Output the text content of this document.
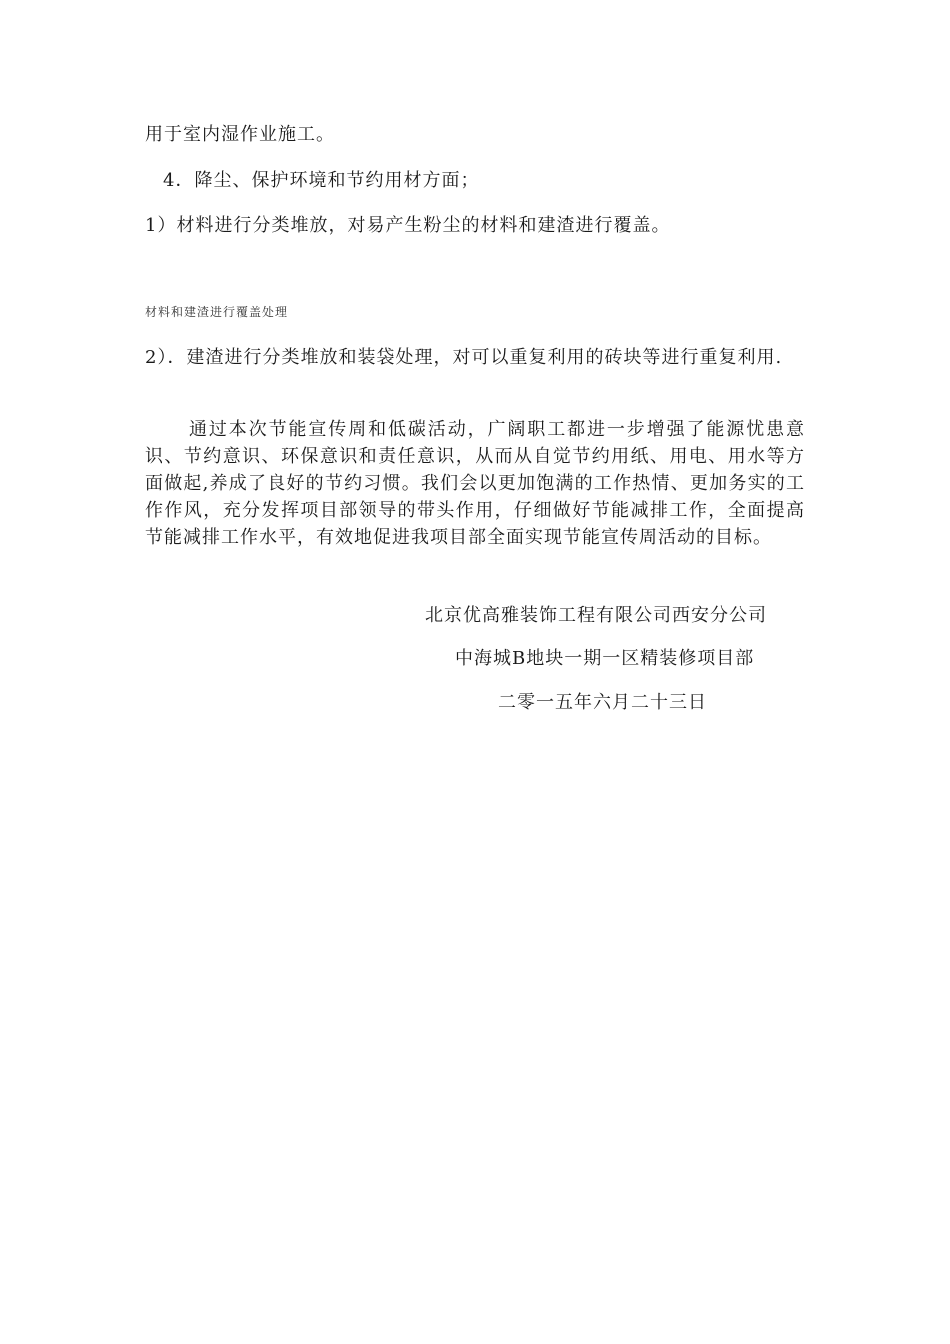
用于室内湿作业施工。
4．降尘、保护环境和节约用材方面；
1）材料进行分类堆放，对易产生粉尘的材料和建渣进行覆盖。
材料和建渣进行覆盖处理
2）．建渣进行分类堆放和装袋处理，对可以重复利用的砖块等进行重复利用.
通过本次节能宣传周和低碳活动，广阔职工都进一步增强了能源忧患意识、节约意识、环保意识和责任意识，从而从自觉节约用纸、用电、用水等方面做起,养成了良好的节约习惯。我们会以更加饱满的工作热情、更加务实的工作作风，充分发挥项目部领导的带头作用，仔细做好节能减排工作，全面提高节能减排工作水平，有效地促进我项目部全面实现节能宣传周活动的目标。
北京优高雅装饰工程有限公司西安分公司
中海城B地块一期一区精装修项目部
二零一五年六月二十三日
